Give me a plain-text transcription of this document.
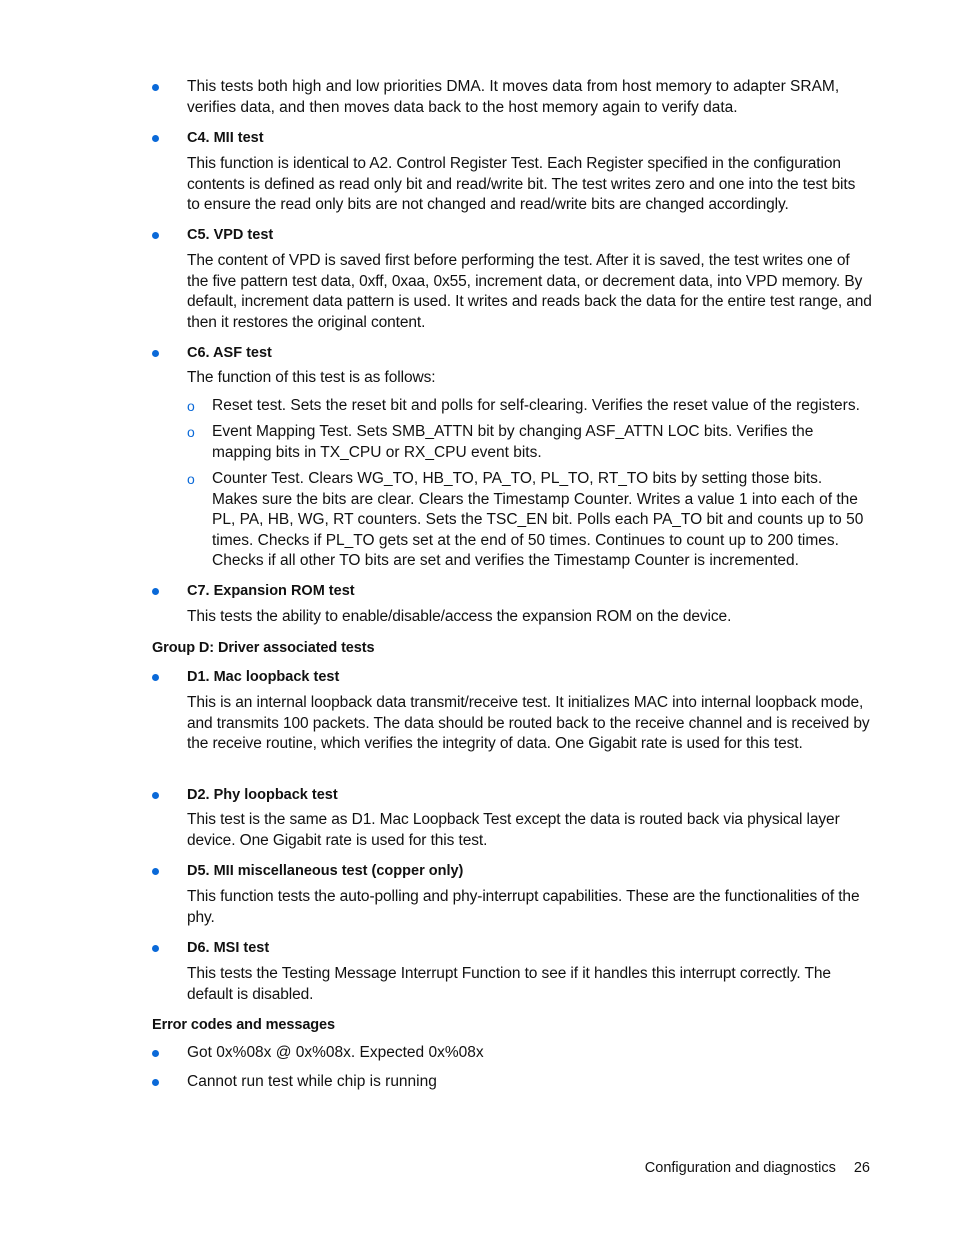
This tests both high and low priorities DMA. It moves data from host memory to adapter SRAM, verifies data, and then moves data back to the host memory again to verify data.
C4. MII test
This function is identical to A2. Control Register Test. Each Register specified in the configuration contents is defined as read only bit and read/write bit. The test writes zero and one into the test bits to ensure the read only bits are not changed and read/write bits are changed accordingly.
C5. VPD test
The content of VPD is saved first before performing the test. After it is saved, the test writes one of the five pattern test data, 0xff, 0xaa, 0x55, increment data, or decrement data, into VPD memory. By default, increment data pattern is used. It writes and reads back the data for the entire test range, and then it restores the original content.
C6. ASF test
The function of this test is as follows:
o Reset test. Sets the reset bit and polls for self-clearing. Verifies the reset value of the registers.
o Event Mapping Test. Sets SMB_ATTN bit by changing ASF_ATTN LOC bits. Verifies the mapping bits in TX_CPU or RX_CPU event bits.
o Counter Test. Clears WG_TO, HB_TO, PA_TO, PL_TO, RT_TO bits by setting those bits. Makes sure the bits are clear. Clears the Timestamp Counter. Writes a value 1 into each of the PL, PA, HB, WG, RT counters. Sets the TSC_EN bit. Polls each PA_TO bit and counts up to 50 times. Checks if PL_TO gets set at the end of 50 times. Continues to count up to 200 times. Checks if all other TO bits are set and verifies the Timestamp Counter is incremented.
C7. Expansion ROM test
This tests the ability to enable/disable/access the expansion ROM on the device.
Group D: Driver associated tests
D1. Mac loopback test
This is an internal loopback data transmit/receive test. It initializes MAC into internal loopback mode, and transmits 100 packets. The data should be routed back to the receive channel and is received by the receive routine, which verifies the integrity of data. One Gigabit rate is used for this test.
D2. Phy loopback test
This test is the same as D1. Mac Loopback Test except the data is routed back via physical layer device. One Gigabit rate is used for this test.
D5. MII miscellaneous test (copper only)
This function tests the auto-polling and phy-interrupt capabilities. These are the functionalities of the phy.
D6. MSI test
This tests the Testing Message Interrupt Function to see if it handles this interrupt correctly. The default is disabled.
Error codes and messages
Got 0x%08x @ 0x%08x. Expected 0x%08x
Cannot run test while chip is running
Configuration and diagnostics 26
